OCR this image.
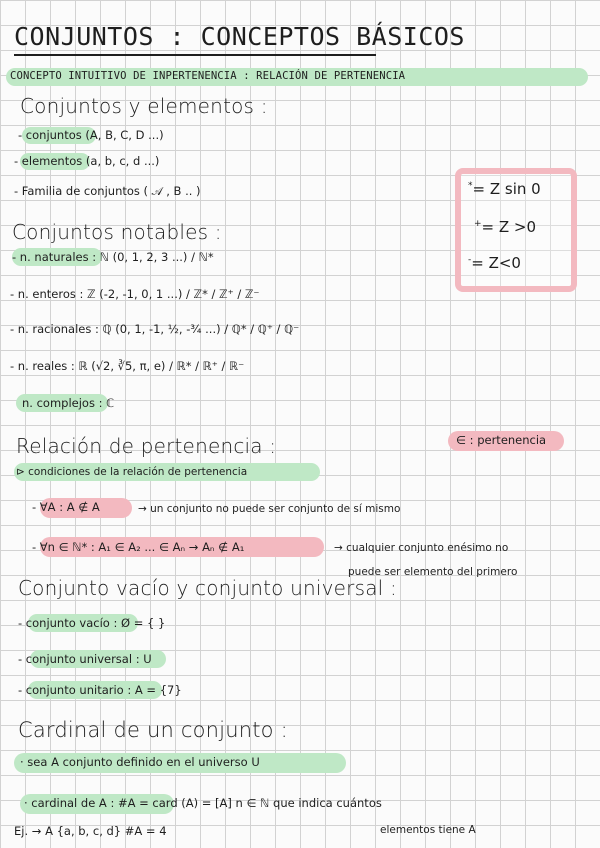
CONJUNTOS : CONCEPTOS BÁSICOS
CONCEPTO INTUITIVO DE INPERTENENCIA : RELACIÓN DE PERTENENCIA
Conjuntos y elementos :
- conjuntos (A, B, C, D ...)
- elementos (a, b, c, d ...)
- Familia de conjuntos ( 𝒜 , B .. )	*= Z sin 0
+= Z >0
-= Z<0
Conjuntos notables :
- n. naturales : ℕ (0, 1, 2, 3 ...) / ℕ*
- n. enteros : ℤ (-2, -1, 0, 1 ...) / ℤ* / ℤ⁺ / ℤ⁻
- n. racionales : ℚ (0, 1, -1, ½, -³⁄₄ ...) / ℚ* / ℚ⁺ / ℚ⁻
- n. reales : ℝ (√2, ∛5, π, e) / ℝ* / ℝ⁺ / ℝ⁻
n. complejos : ℂ
Relación de pertenencia :	∈ : pertenencia
⊳ condiciones de la relación de pertenencia
- ∀A : A ∉ A	→ un conjunto no puede ser conjunto de sí mismo
- ∀n ∈ ℕ* : A₁ ∈ A₂ ... ∈ Aₙ → Aₙ ∉ A₁	→ cualquier conjunto enésimo no
puede ser elemento del primero
Conjunto vacío y conjunto universal :
- conjunto vacío : Ø = { }
- conjunto universal : U
- conjunto unitario : A = {7}
Cardinal de un conjunto :
· sea A conjunto definido en el universo U
· cardinal de A : #A = card (A) = [A] n ∈ ℕ que indica cuántos
Ej. → A {a, b, c, d} #A = 4	elementos tiene A
